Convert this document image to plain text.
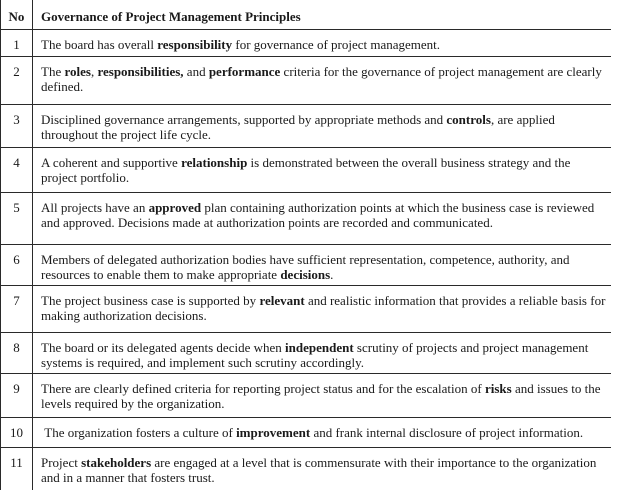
No	Governance of Project Management Principles
1	The board has overall responsibility for governance of project management.
2	The roles, responsibilities, and performance criteria for the governance of project management are clearly defined.
3	Disciplined governance arrangements, supported by appropriate methods and controls, are applied throughout the project life cycle.
4	A coherent and supportive relationship is demonstrated between the overall business strategy and the project portfolio.
5	All projects have an approved plan containing authorization points at which the business case is reviewed and approved. Decisions made at authorization points are recorded and communicated.
6	Members of delegated authorization bodies have sufficient representation, competence, authority, and resources to enable them to make appropriate decisions.
7	The project business case is supported by relevant and realistic information that provides a reliable basis for making authorization decisions.
8	The board or its delegated agents decide when independent scrutiny of projects and project management systems is required, and implement such scrutiny accordingly.
9	There are clearly defined criteria for reporting project status and for the escalation of risks and issues to the levels required by the organization.
10	The organization fosters a culture of improvement and frank internal disclosure of project information.
11	Project stakeholders are engaged at a level that is commensurate with their importance to the organization and in a manner that fosters trust.
